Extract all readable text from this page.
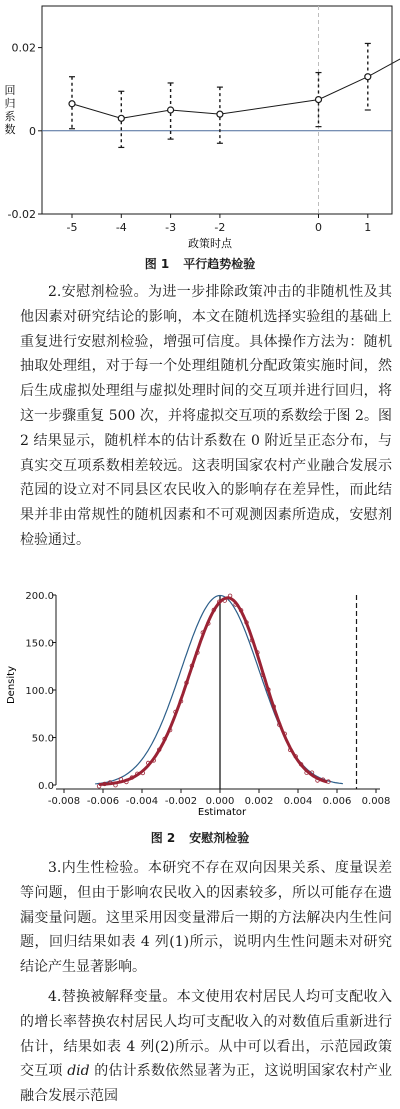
0.02
0
-0.02
-5	-4	-3	-2	0	1
回归系数
政策时点
图 1 平行趋势检验

2.安慰剂检验。为进一步排除政策冲击的非随机性及其他因素对研究结论的影响，本文在随机选择实验组的基础上重复进行安慰剂检验，增强可信度。具体操作方法为：随机抽取处理组，对于每一个处理组随机分配政策实施时间，然后生成虚拟处理组与虚拟处理时间的交互项并进行回归，将这一步骤重复 500 次，并将虚拟交互项的系数绘于图 2。图 2 结果显示，随机样本的估计系数在 0 附近呈正态分布，与真实交互项系数相差较远。这表明国家农村产业融合发展示范园的设立对不同县区农民收入的影响存在差异性，而此结果并非由常规性的随机因素和不可观测因素所造成，安慰剂检验通过。

0.0
50.0
100.0
150.0
200.0
-0.008 -0.006 -0.004 -0.002 0.000 0.002 0.004 0.006 0.008
Density
Estimator
图 2 安慰剂检验

3.内生性检验。本研究不存在双向因果关系、度量误差等问题，但由于影响农民收入的因素较多，所以可能存在遗漏变量问题。这里采用因变量滞后一期的方法解决内生性问题，回归结果如表 4 列(1)所示，说明内生性问题未对研究结论产生显著影响。

4.替换被解释变量。本文使用农村居民人均可支配收入的增长率替换农村居民人均可支配收入的对数值后重新进行估计，结果如表 4 列(2)所示。从中可以看出，示范园政策交互项 did 的估计系数依然显著为正，这说明国家农村产业融合发展示范园
